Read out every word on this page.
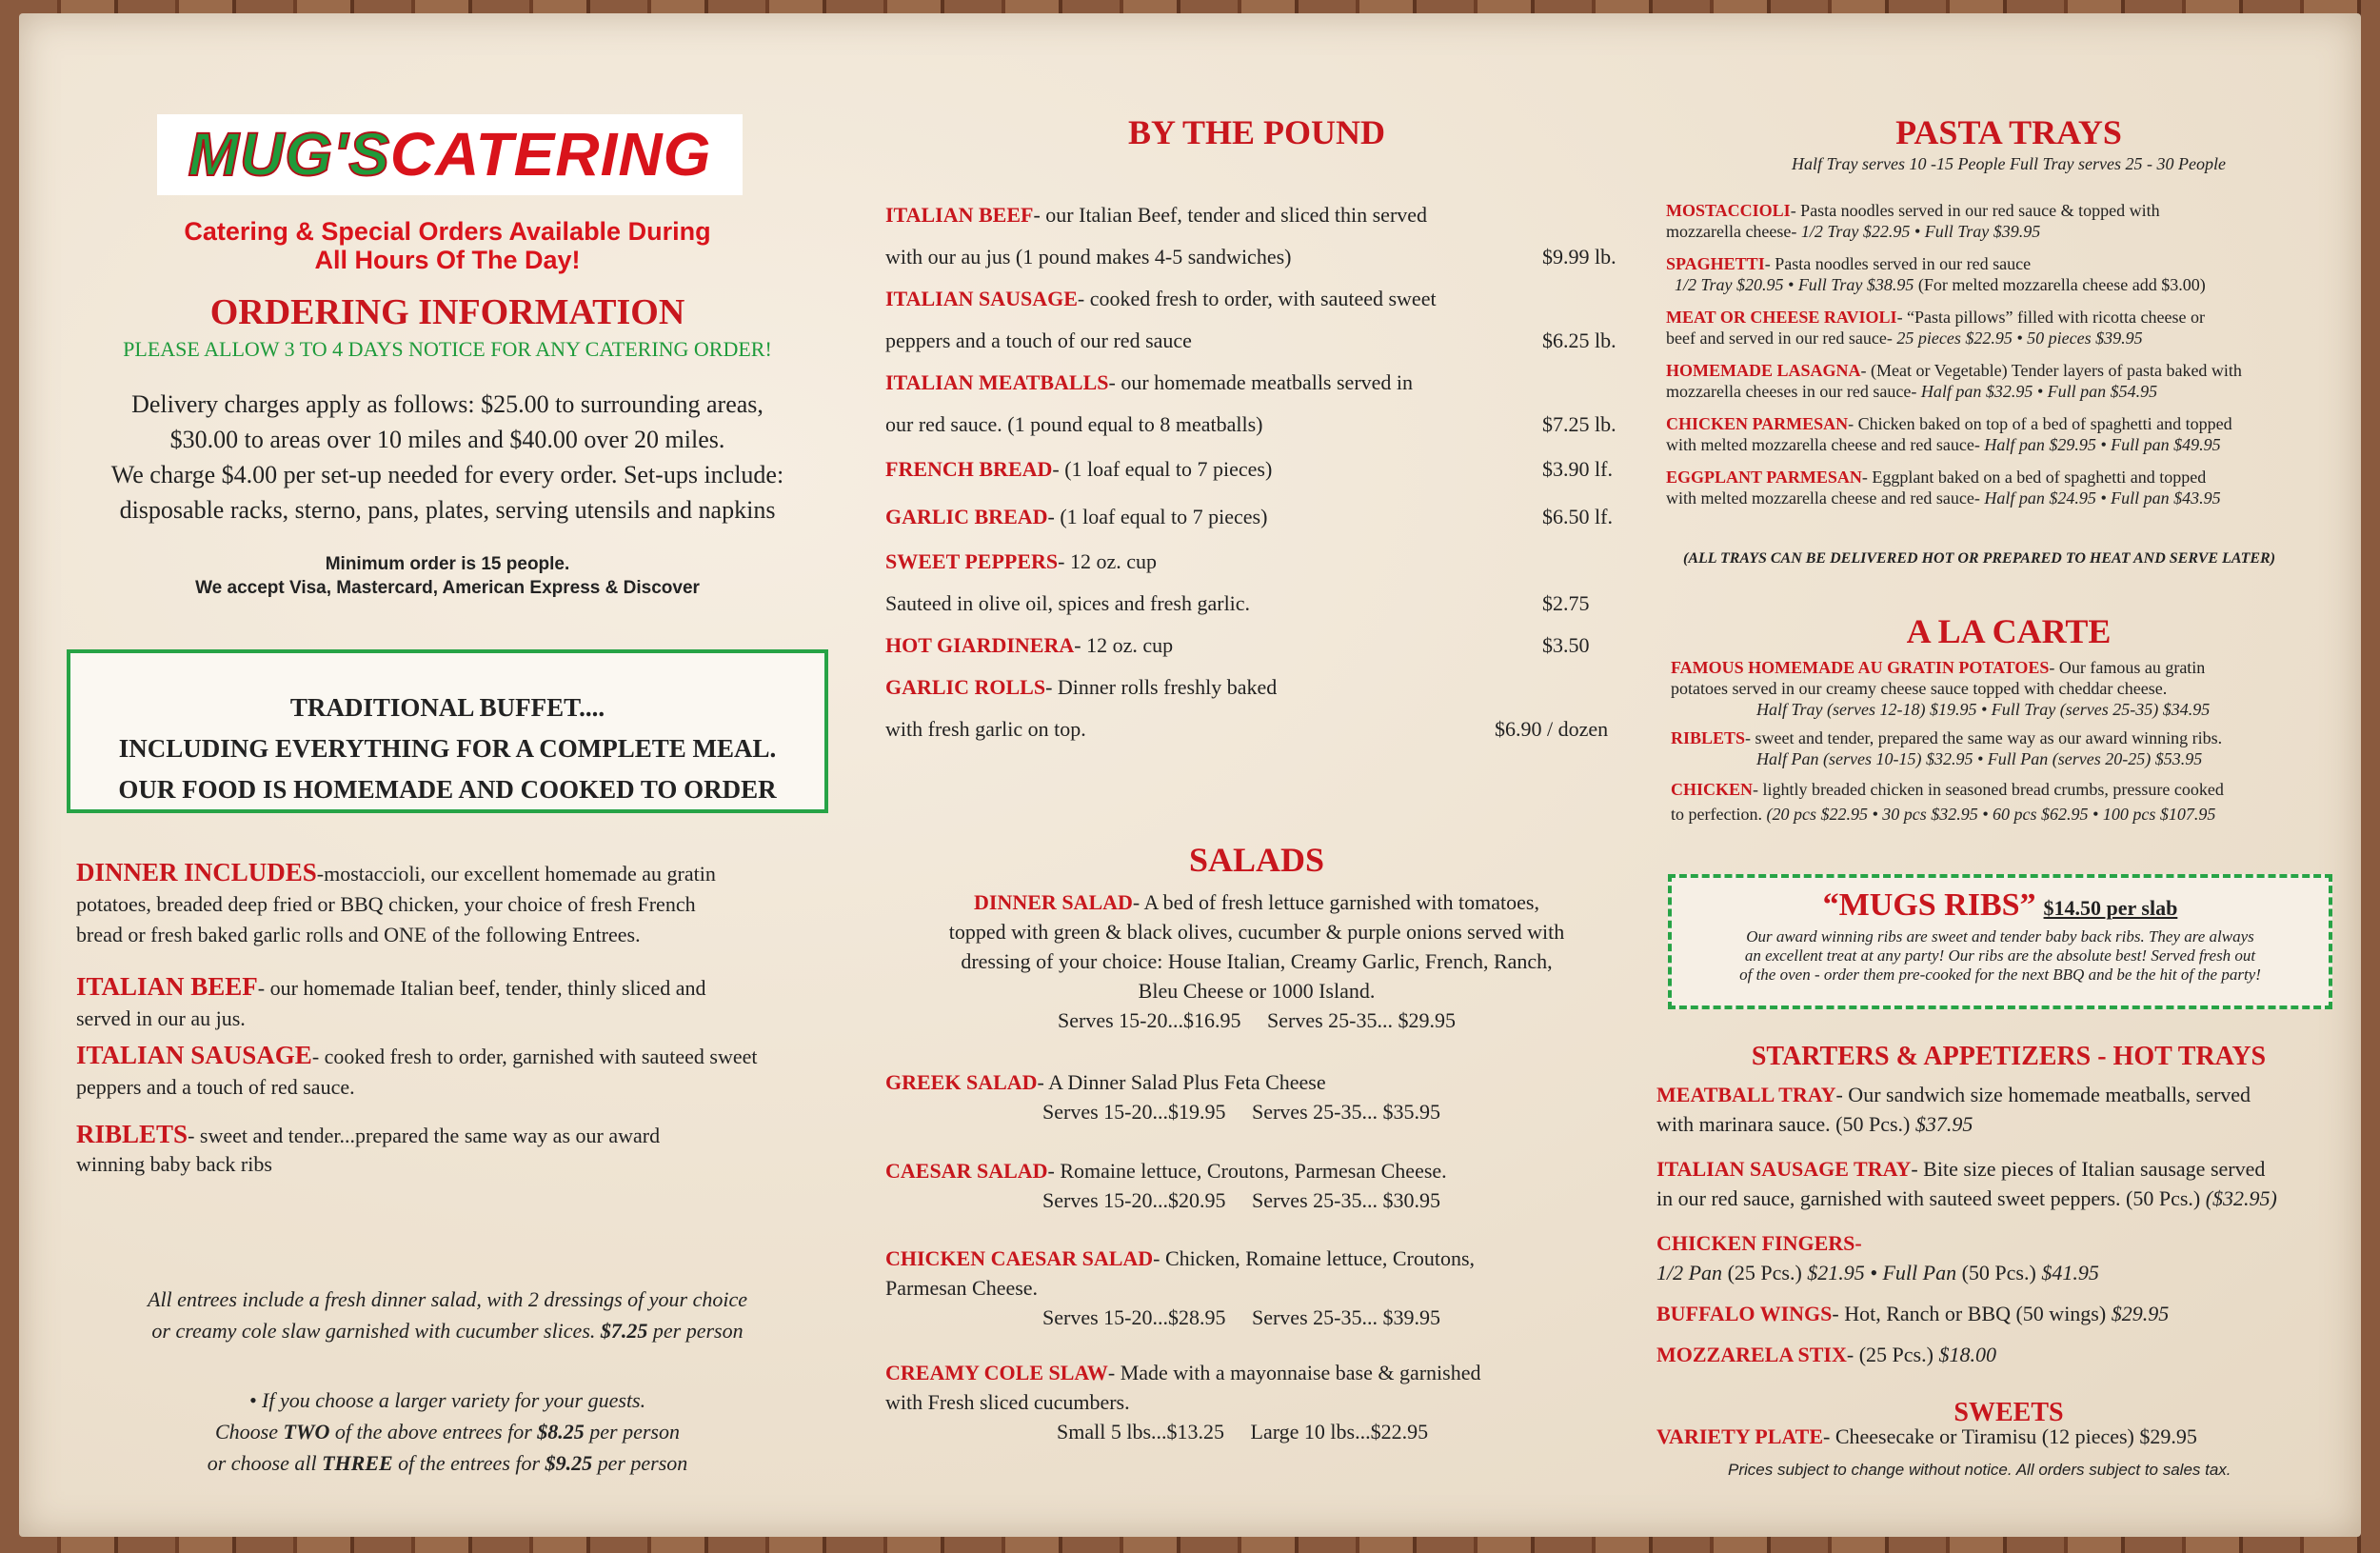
MUG'SCATERING
Catering & Special Orders Available During
All Hours Of The Day!
ORDERING INFORMATION
PLEASE ALLOW 3 TO 4 DAYS NOTICE FOR ANY CATERING ORDER!
Delivery charges apply as follows: $25.00 to surrounding areas,
$30.00 to areas over 10 miles and $40.00 over 20 miles.
We charge $4.00 per set-up needed for every order. Set-ups include:
disposable racks, sterno, pans, plates, serving utensils and napkins
Minimum order is 15 people.
We accept Visa, Mastercard, American Express & Discover
TRADITIONAL BUFFET....
INCLUDING EVERYTHING FOR A COMPLETE MEAL.
OUR FOOD IS HOMEMADE AND COOKED TO ORDER
DINNER INCLUDES-mostaccioli, our excellent homemade au gratin
potatoes, breaded deep fried or BBQ chicken, your choice of fresh French
bread or fresh baked garlic rolls and ONE of the following Entrees.
ITALIAN BEEF- our homemade Italian beef, tender, thinly sliced and
served in our au jus.
ITALIAN SAUSAGE- cooked fresh to order, garnished with sauteed sweet
peppers and a touch of red sauce.
RIBLETS- sweet and tender...prepared the same way as our award
winning baby back ribs
All entrees include a fresh dinner salad, with 2 dressings of your choice
or creamy cole slaw garnished with cucumber slices. $7.25 per person
• If you choose a larger variety for your guests.
Choose TWO of the above entrees for $8.25 per person
or choose all THREE of the entrees for $9.25 per person
BY THE POUND
ITALIAN BEEF- our Italian Beef, tender and sliced thin served
with our au jus (1 pound makes 4-5 sandwiches)	$9.99 lb.
ITALIAN SAUSAGE- cooked fresh to order, with sauteed sweet
peppers and a touch of our red sauce	$6.25 lb.
ITALIAN MEATBALLS- our homemade meatballs served in
our red sauce. (1 pound equal to 8 meatballs)	$7.25 lb.
FRENCH BREAD- (1 loaf equal to 7 pieces)	$3.90 lf.
GARLIC BREAD- (1 loaf equal to 7 pieces)	$6.50 lf.
SWEET PEPPERS- 12 oz. cup
Sauteed in olive oil, spices and fresh garlic.	$2.75
HOT GIARDINERA- 12 oz. cup	$3.50
GARLIC ROLLS- Dinner rolls freshly baked
with fresh garlic on top.	$6.90 / dozen
SALADS
DINNER SALAD- A bed of fresh lettuce garnished with tomatoes,
topped with green & black olives, cucumber & purple onions served with
dressing of your choice: House Italian, Creamy Garlic, French, Ranch,
Bleu Cheese or 1000 Island.
Serves 15-20...$16.95     Serves 25-35... $29.95
GREEK SALAD- A Dinner Salad Plus Feta Cheese
Serves 15-20...$19.95     Serves 25-35... $35.95
CAESAR SALAD- Romaine lettuce, Croutons, Parmesan Cheese.
Serves 15-20...$20.95     Serves 25-35... $30.95
CHICKEN CAESAR SALAD- Chicken, Romaine lettuce, Croutons,
Parmesan Cheese.
Serves 15-20...$28.95     Serves 25-35... $39.95
CREAMY COLE SLAW- Made with a mayonnaise base & garnished
with Fresh sliced cucumbers.
Small 5 lbs...$13.25     Large 10 lbs...$22.95
PASTA TRAYS
Half Tray serves 10 -15 People Full Tray serves 25 - 30 People
MOSTACCIOLI- Pasta noodles served in our red sauce & topped with
mozzarella cheese- 1/2 Tray $22.95 • Full Tray $39.95
SPAGHETTI- Pasta noodles served in our red sauce
1/2 Tray $20.95 • Full Tray $38.95 (For melted mozzarella cheese add $3.00)
MEAT OR CHEESE RAVIOLI- “Pasta pillows” filled with ricotta cheese or
beef and served in our red sauce- 25 pieces $22.95 • 50 pieces $39.95
HOMEMADE LASAGNA- (Meat or Vegetable) Tender layers of pasta baked with
mozzarella cheeses in our red sauce- Half pan $32.95 • Full pan $54.95
CHICKEN PARMESAN- Chicken baked on top of a bed of spaghetti and topped
with melted mozzarella cheese and red sauce- Half pan $29.95 • Full pan $49.95
EGGPLANT PARMESAN- Eggplant baked on a bed of spaghetti and topped
with melted mozzarella cheese and red sauce- Half pan $24.95 • Full pan $43.95
(ALL TRAYS CAN BE DELIVERED HOT OR PREPARED TO HEAT AND SERVE LATER)
A LA CARTE
FAMOUS HOMEMADE AU GRATIN POTATOES- Our famous au gratin
potatoes served in our creamy cheese sauce topped with cheddar cheese.
Half Tray (serves 12-18) $19.95 • Full Tray (serves 25-35) $34.95
RIBLETS- sweet and tender, prepared the same way as our award winning ribs.
Half Pan (serves 10-15) $32.95 • Full Pan (serves 20-25) $53.95
CHICKEN- lightly breaded chicken in seasoned bread crumbs, pressure cooked
to perfection. (20 pcs $22.95 • 30 pcs $32.95 • 60 pcs $62.95 • 100 pcs $107.95
“MUGS RIBS” $14.50 per slab
Our award winning ribs are sweet and tender baby back ribs. They are always
an excellent treat at any party! Our ribs are the absolute best! Served fresh out
of the oven - order them pre-cooked for the next BBQ and be the hit of the party!
STARTERS & APPETIZERS - HOT TRAYS
MEATBALL TRAY- Our sandwich size homemade meatballs, served
with marinara sauce. (50 Pcs.) $37.95
ITALIAN SAUSAGE TRAY- Bite size pieces of Italian sausage served
in our red sauce, garnished with sauteed sweet peppers. (50 Pcs.) ($32.95)
CHICKEN FINGERS-
1/2 Pan (25 Pcs.) $21.95 • Full Pan (50 Pcs.) $41.95
BUFFALO WINGS- Hot, Ranch or BBQ (50 wings) $29.95
MOZZARELA STIX- (25 Pcs.) $18.00
SWEETS
VARIETY PLATE- Cheesecake or Tiramisu (12 pieces) $29.95
Prices subject to change without notice. All orders subject to sales tax.
